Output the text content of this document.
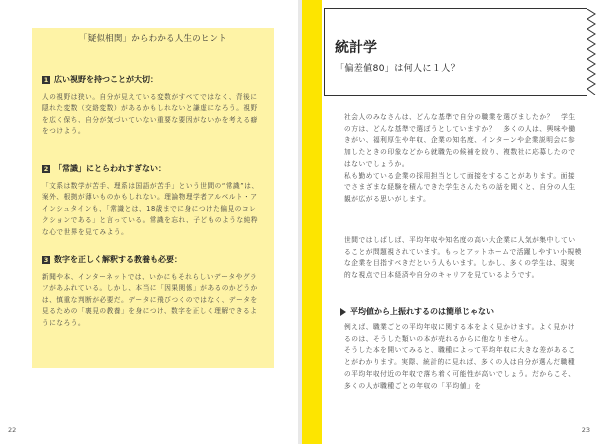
「疑似相関」からわかる人生のヒント
1 広い視野を持つことが大切：
人の視野は狭い。自分が見えている変数がすべてではなく、背後に隠れた変数（交絡変数）があるかもしれないと謙虚になろう。視野を広く保ち、自分が気づいていない重要な要因がないかを考える癖をつけよう。
2 「常識」にとらわれすぎない：
「文系は数学が苦手、理系は国語が苦手」という世間の“常識”は、案外、根拠が薄いものかもしれない。理論物理学者アルベルト・アインシュタインも、「常識とは、18歳までに身につけた偏見のコレクションである」と言っている。常識を忘れ、子どものような純粋な心で世界を見てみよう。
3 数字を正しく解釈する教養も必要：
新聞や本、インターネットでは、いかにもそれらしいデータやグラフがあふれている。しかし、本当に「因果関係」があるのかどうかは、慎重な判断が必要だ。データに飛びつくのではなく、データを見るための「裏見の教養」を身につけ、数字を正しく理解できるようになろう。
22
統計学
「偏差値80」は何人に１人？
社会人のみなさんは、どんな基準で自分の職業を選びましたか？　学生の方は、どんな基準で選ぼうとしていますか？　多くの人は、興味や働きがい、福利厚生や年収、企業の知名度、インターンや企業説明会に参加したときの印象などから就職先の候補を絞り、複数社に応募したのではないでしょうか。
私も勤めている企業の採用担当として面接をすることがあります。面接でさまざまな経験を積んできた学生さんたちの話を聞くと、自分の人生観が広がる思いがします。
世間ではしばしば、平均年収や知名度の高い大企業に人気が集中していることが問題視されています。もっとアットホームで活躍しやすい小規模な企業を目指すべきだという人もいます。しかし、多くの学生は、現実的な視点で日本経済や自分のキャリアを見ているようです。
平均値から上振れするのは簡単じゃない
例えば、職業ごとの平均年収に関する本をよく見かけます。よく見かけるのは、そうした類いの本が売れるからに他なりません。
そうした本を開いてみると、職種によって平均年収に大きな差があることがわかります。実際、統計的に見れば、多くの人は自分が選んだ職種の平均年収付近の年収で落ち着く可能性が高いでしょう。だからこそ、多くの人が職種ごとの年収の「平均値」を
23
